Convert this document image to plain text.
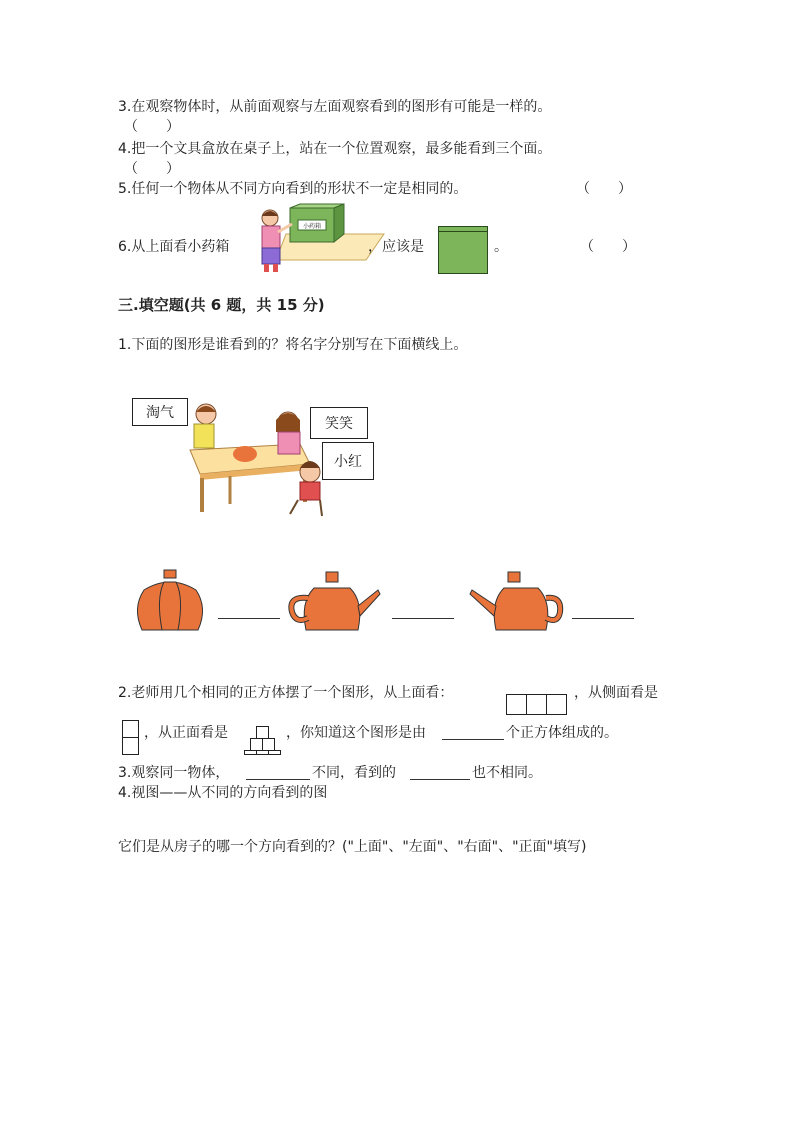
3.在观察物体时，从前面观察与左面观察看到的图形有可能是一样的。
（　　）
4.把一个文具盒放在桌子上，站在一个位置观察，最多能看到三个面。
（　　）
5.任何一个物体从不同方向看到的形状不一定是相同的。	（　　）
6.从上面看小药箱
小药箱
，应该是	。	（　　）
三.填空题(共 6 题，共 15 分)
1.下面的图形是谁看到的？将名字分别写在下面横线上。
淘气
笑笑
小红
2.老师用几个相同的正方体摆了一个图形，从上面看：	，从侧面看是
，从正面看是	，你知道这个图形是由	个正方体组成的。
3.观察同一物体，	不同，看到的	也不相同。
4.视图——从不同的方向看到的图
它们是从房子的哪一个方向看到的？("上面"、"左面"、"右面"、"正面"填写)
